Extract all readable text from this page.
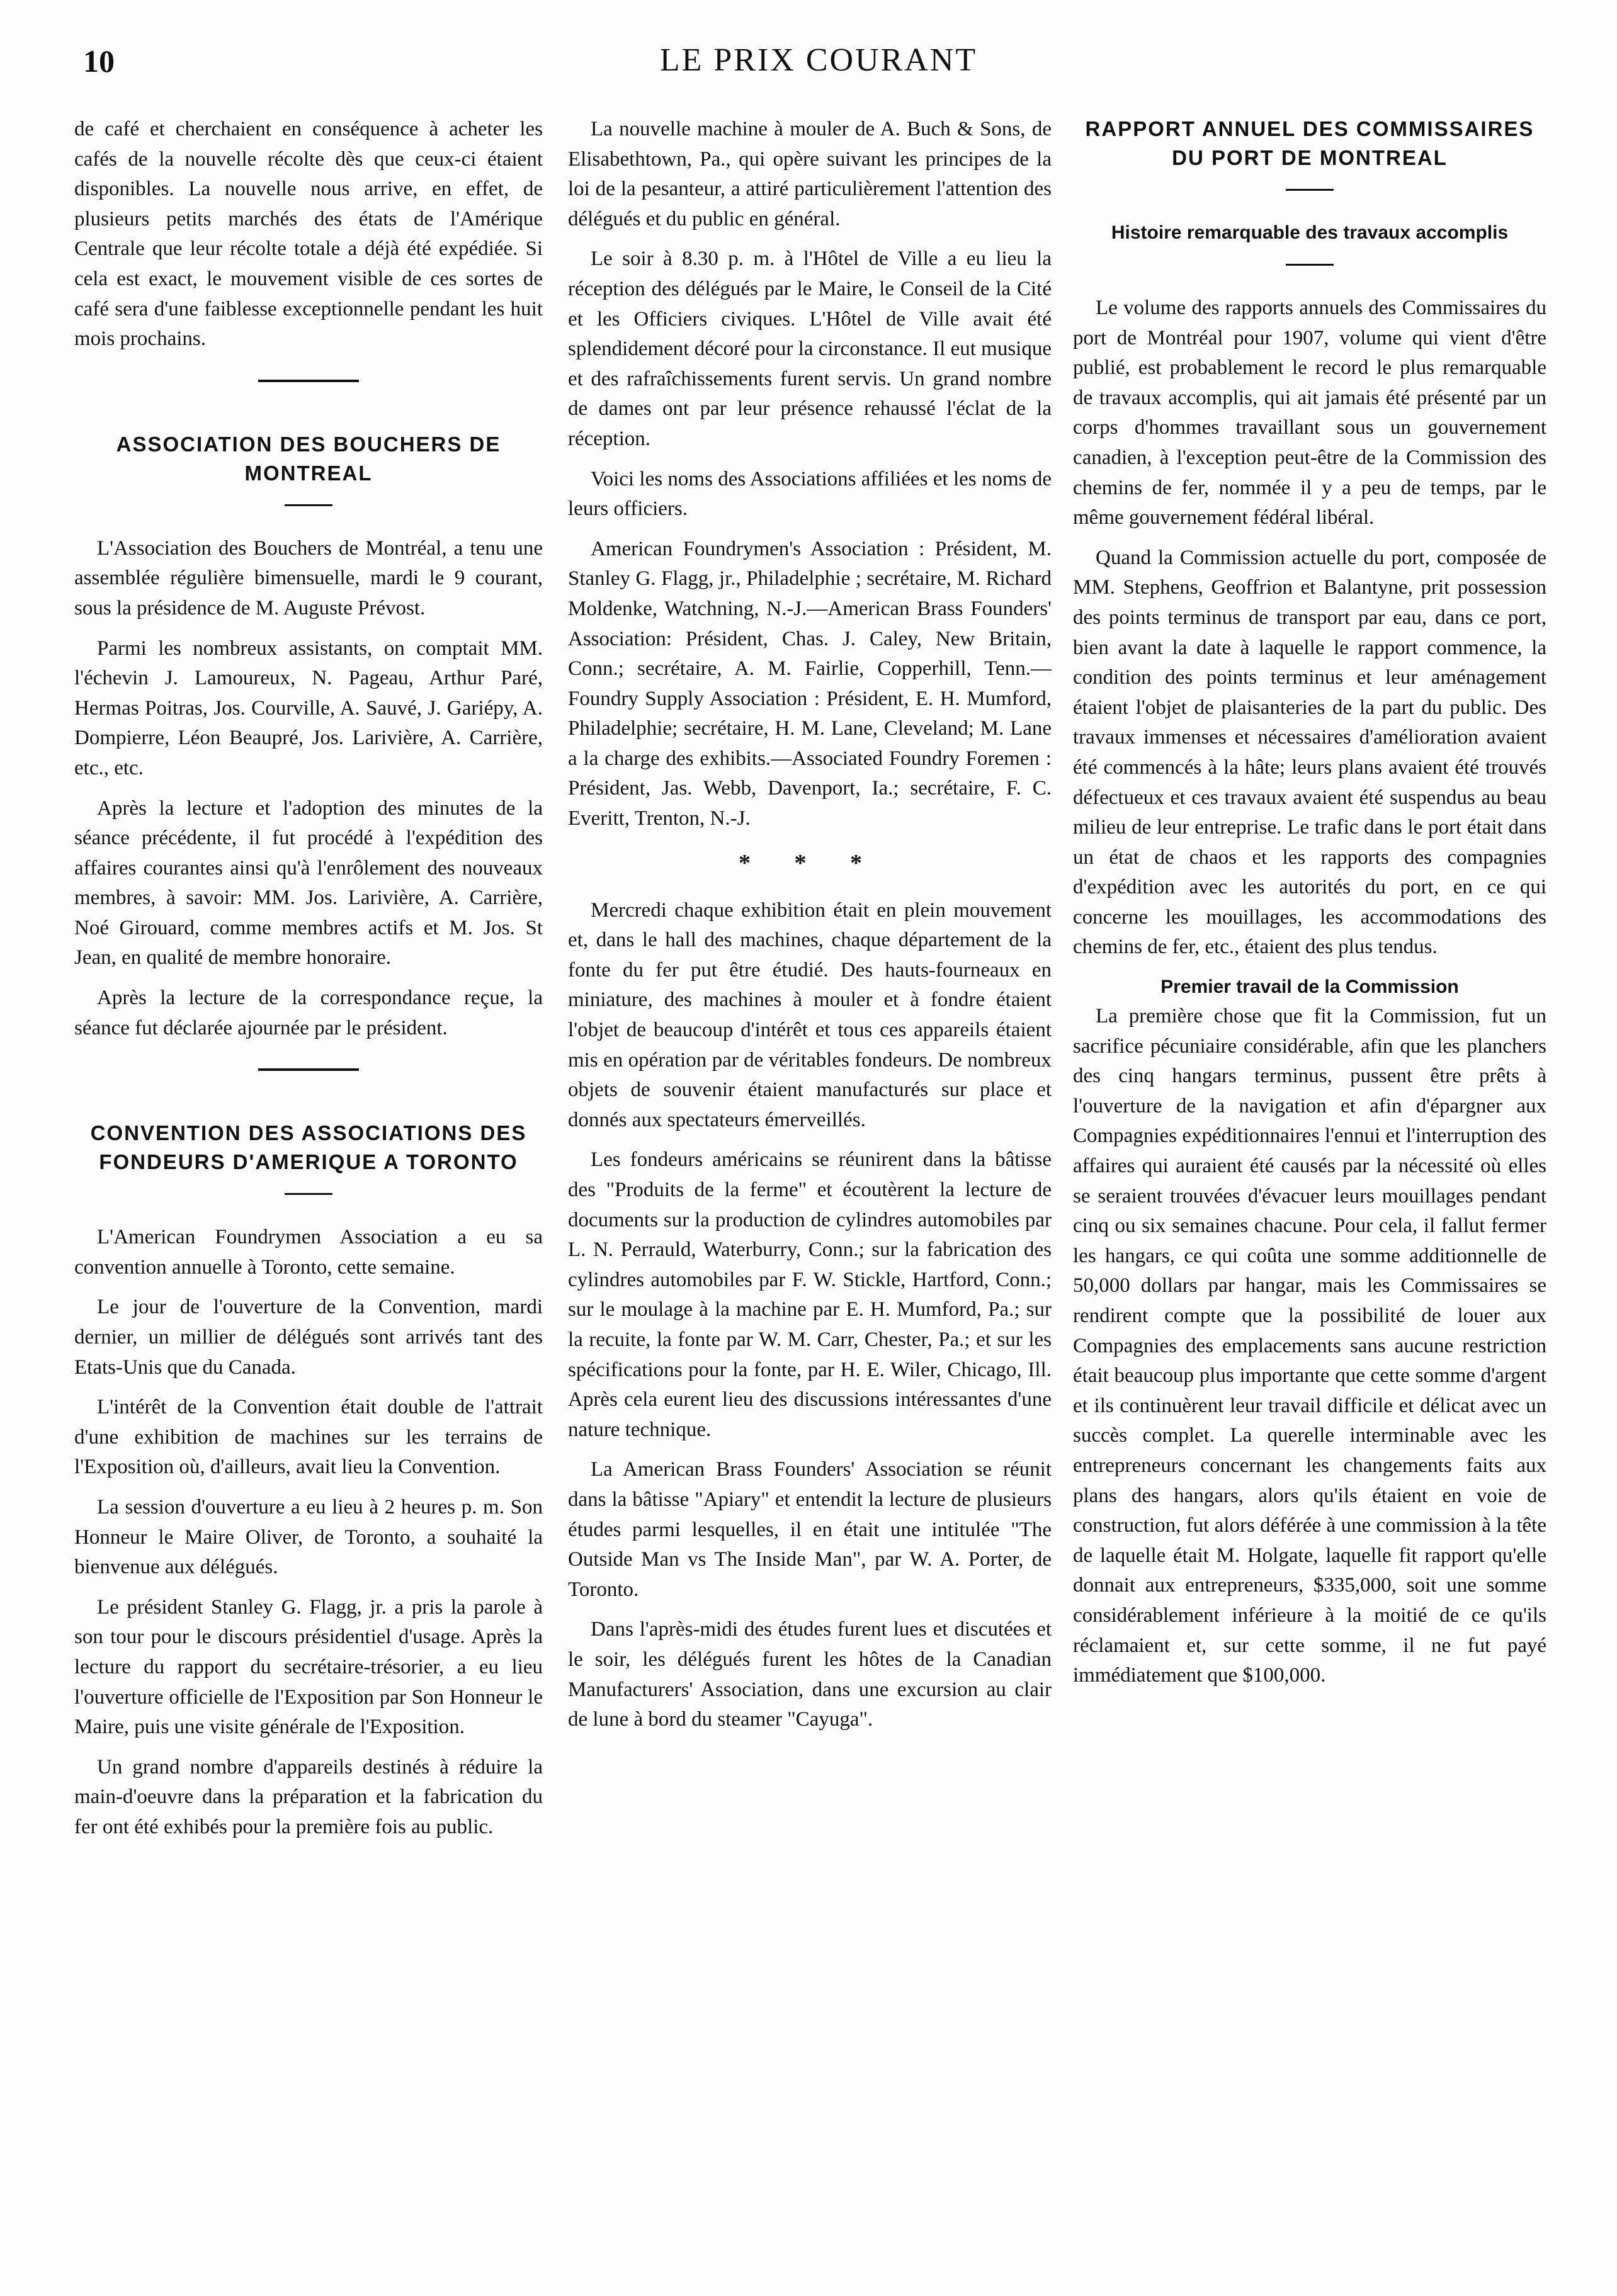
10	LE PRIX COURANT

de café et cherchaient en conséquence à acheter les cafés de la nouvelle récolte dès que ceux-ci étaient disponibles. La nouvelle nous arrive, en effet, de plusieurs petits marchés des états de l'Amérique Centrale que leur récolte totale a déjà été expédiée. Si cela est exact, le mouvement visible de ces sortes de café sera d'une faiblesse exceptionnelle pendant les huit mois prochains.

ASSOCIATION DES BOUCHERS DE MONTREAL

L'Association des Bouchers de Montréal, a tenu une assemblée régulière bimensuelle, mardi le 9 courant, sous la présidence de M. Auguste Prévost.

Parmi les nombreux assistants, on comptait MM. l'échevin J. Lamoureux, N. Pageau, Arthur Paré, Hermas Poitras, Jos. Courville, A. Sauvé, J. Gariépy, A. Dompierre, Léon Beaupré, Jos. Larivière, A. Carrière, etc., etc.

Après la lecture et l'adoption des minutes de la séance précédente, il fut procédé à l'expédition des affaires courantes ainsi qu'à l'enrôlement des nouveaux membres, à savoir: MM. Jos. Larivière, A. Carrière, Noé Girouard, comme membres actifs et M. Jos. St Jean, en qualité de membre honoraire.

Après la lecture de la correspondance reçue, la séance fut déclarée ajournée par le président.

CONVENTION DES ASSOCIATIONS DES FONDEURS D'AMERIQUE A TORONTO

L'American Foundrymen Association a eu sa convention annuelle à Toronto, cette semaine.

Le jour de l'ouverture de la Convention, mardi dernier, un millier de délégués sont arrivés tant des Etats-Unis que du Canada.

L'intérêt de la Convention était double de l'attrait d'une exhibition de machines sur les terrains de l'Exposition où, d'ailleurs, avait lieu la Convention.

La session d'ouverture a eu lieu à 2 heures p. m. Son Honneur le Maire Oliver, de Toronto, a souhaité la bienvenue aux délégués.

Le président Stanley G. Flagg, jr. a pris la parole à son tour pour le discours présidentiel d'usage. Après la lecture du rapport du secrétaire-trésorier, a eu lieu l'ouverture officielle de l'Exposition par Son Honneur le Maire, puis une visite générale de l'Exposition.

Un grand nombre d'appareils destinés à réduire la main-d'oeuvre dans la préparation et la fabrication du fer ont été exhibés pour la première fois au public.

La nouvelle machine à mouler de A. Buch & Sons, de Elisabethtown, Pa., qui opère suivant les principes de la loi de la pesanteur, a attiré particulièrement l'attention des délégués et du public en général.

Le soir à 8.30 p. m. à l'Hôtel de Ville a eu lieu la réception des délégués par le Maire, le Conseil de la Cité et les Officiers civiques. L'Hôtel de Ville avait été splendidement décoré pour la circonstance. Il eut musique et des rafraîchissements furent servis. Un grand nombre de dames ont par leur présence rehaussé l'éclat de la réception.

Voici les noms des Associations affiliées et les noms de leurs officiers.

American Foundrymen's Association : Président, M. Stanley G. Flagg, jr., Philadelphie ; secrétaire, M. Richard Moldenke, Watchning, N.-J.—American Brass Founders' Association: Président, Chas. J. Caley, New Britain, Conn.; secrétaire, A. M. Fairlie, Copperhill, Tenn.—Foundry Supply Association : Président, E. H. Mumford, Philadelphie; secrétaire, H. M. Lane, Cleveland; M. Lane a la charge des exhibits.—Associated Foundry Foremen : Président, Jas. Webb, Davenport, Ia.; secrétaire, F. C. Everitt, Trenton, N.-J.

* * *

Mercredi chaque exhibition était en plein mouvement et, dans le hall des machines, chaque département de la fonte du fer put être étudié. Des hauts-fourneaux en miniature, des machines à mouler et à fondre étaient l'objet de beaucoup d'intérêt et tous ces appareils étaient mis en opération par de véritables fondeurs. De nombreux objets de souvenir étaient manufacturés sur place et donnés aux spectateurs émerveillés.

Les fondeurs américains se réunirent dans la bâtisse des "Produits de la ferme" et écoutèrent la lecture de documents sur la production de cylindres automobiles par L. N. Perrauld, Waterburry, Conn.; sur la fabrication des cylindres automobiles par F. W. Stickle, Hartford, Conn.; sur le moulage à la machine par E. H. Mumford, Pa.; sur la recuite, la fonte par W. M. Carr, Chester, Pa.; et sur les spécifications pour la fonte, par H. E. Wiler, Chicago, Ill. Après cela eurent lieu des discussions intéressantes d'une nature technique.

La American Brass Founders' Association se réunit dans la bâtisse "Apiary" et entendit la lecture de plusieurs études parmi lesquelles, il en était une intitulée "The Outside Man vs The Inside Man", par W. A. Porter, de Toronto.

Dans l'après-midi des études furent lues et discutées et le soir, les délégués furent les hôtes de la Canadian Manufacturers' Association, dans une excursion au clair de lune à bord du steamer "Cayuga".

RAPPORT ANNUEL DES COMMISSAIRES DU PORT DE MONTREAL
Histoire remarquable des travaux accomplis

Le volume des rapports annuels des Commissaires du port de Montréal pour 1907, volume qui vient d'être publié, est probablement le record le plus remarquable de travaux accomplis, qui ait jamais été présenté par un corps d'hommes travaillant sous un gouvernement canadien, à l'exception peut-être de la Commission des chemins de fer, nommée il y a peu de temps, par le même gouvernement fédéral libéral.

Quand la Commission actuelle du port, composée de MM. Stephens, Geoffrion et Balantyne, prit possession des points terminus de transport par eau, dans ce port, bien avant la date à laquelle le rapport commence, la condition des points terminus et leur aménagement étaient l'objet de plaisanteries de la part du public. Des travaux immenses et nécessaires d'amélioration avaient été commencés à la hâte; leurs plans avaient été trouvés défectueux et ces travaux avaient été suspendus au beau milieu de leur entreprise. Le trafic dans le port était dans un état de chaos et les rapports des compagnies d'expédition avec les autorités du port, en ce qui concerne les mouillages, les accommodations des chemins de fer, etc., étaient des plus tendus.

Premier travail de la Commission

La première chose que fit la Commission, fut un sacrifice pécuniaire considérable, afin que les planchers des cinq hangars terminus, pussent être prêts à l'ouverture de la navigation et afin d'épargner aux Compagnies expéditionnaires l'ennui et l'interruption des affaires qui auraient été causés par la nécessité où elles se seraient trouvées d'évacuer leurs mouillages pendant cinq ou six semaines chacune. Pour cela, il fallut fermer les hangars, ce qui coûta une somme additionnelle de 50,000 dollars par hangar, mais les Commissaires se rendirent compte que la possibilité de louer aux Compagnies des emplacements sans aucune restriction était beaucoup plus importante que cette somme d'argent et ils continuèrent leur travail difficile et délicat avec un succès complet. La querelle interminable avec les entrepreneurs concernant les changements faits aux plans des hangars, alors qu'ils étaient en voie de construction, fut alors déférée à une commission à la tête de laquelle était M. Holgate, laquelle fit rapport qu'elle donnait aux entrepreneurs, $335,000, soit une somme considérablement inférieure à la moitié de ce qu'ils réclamaient et, sur cette somme, il ne fut payé immédiatement que $100,000.
